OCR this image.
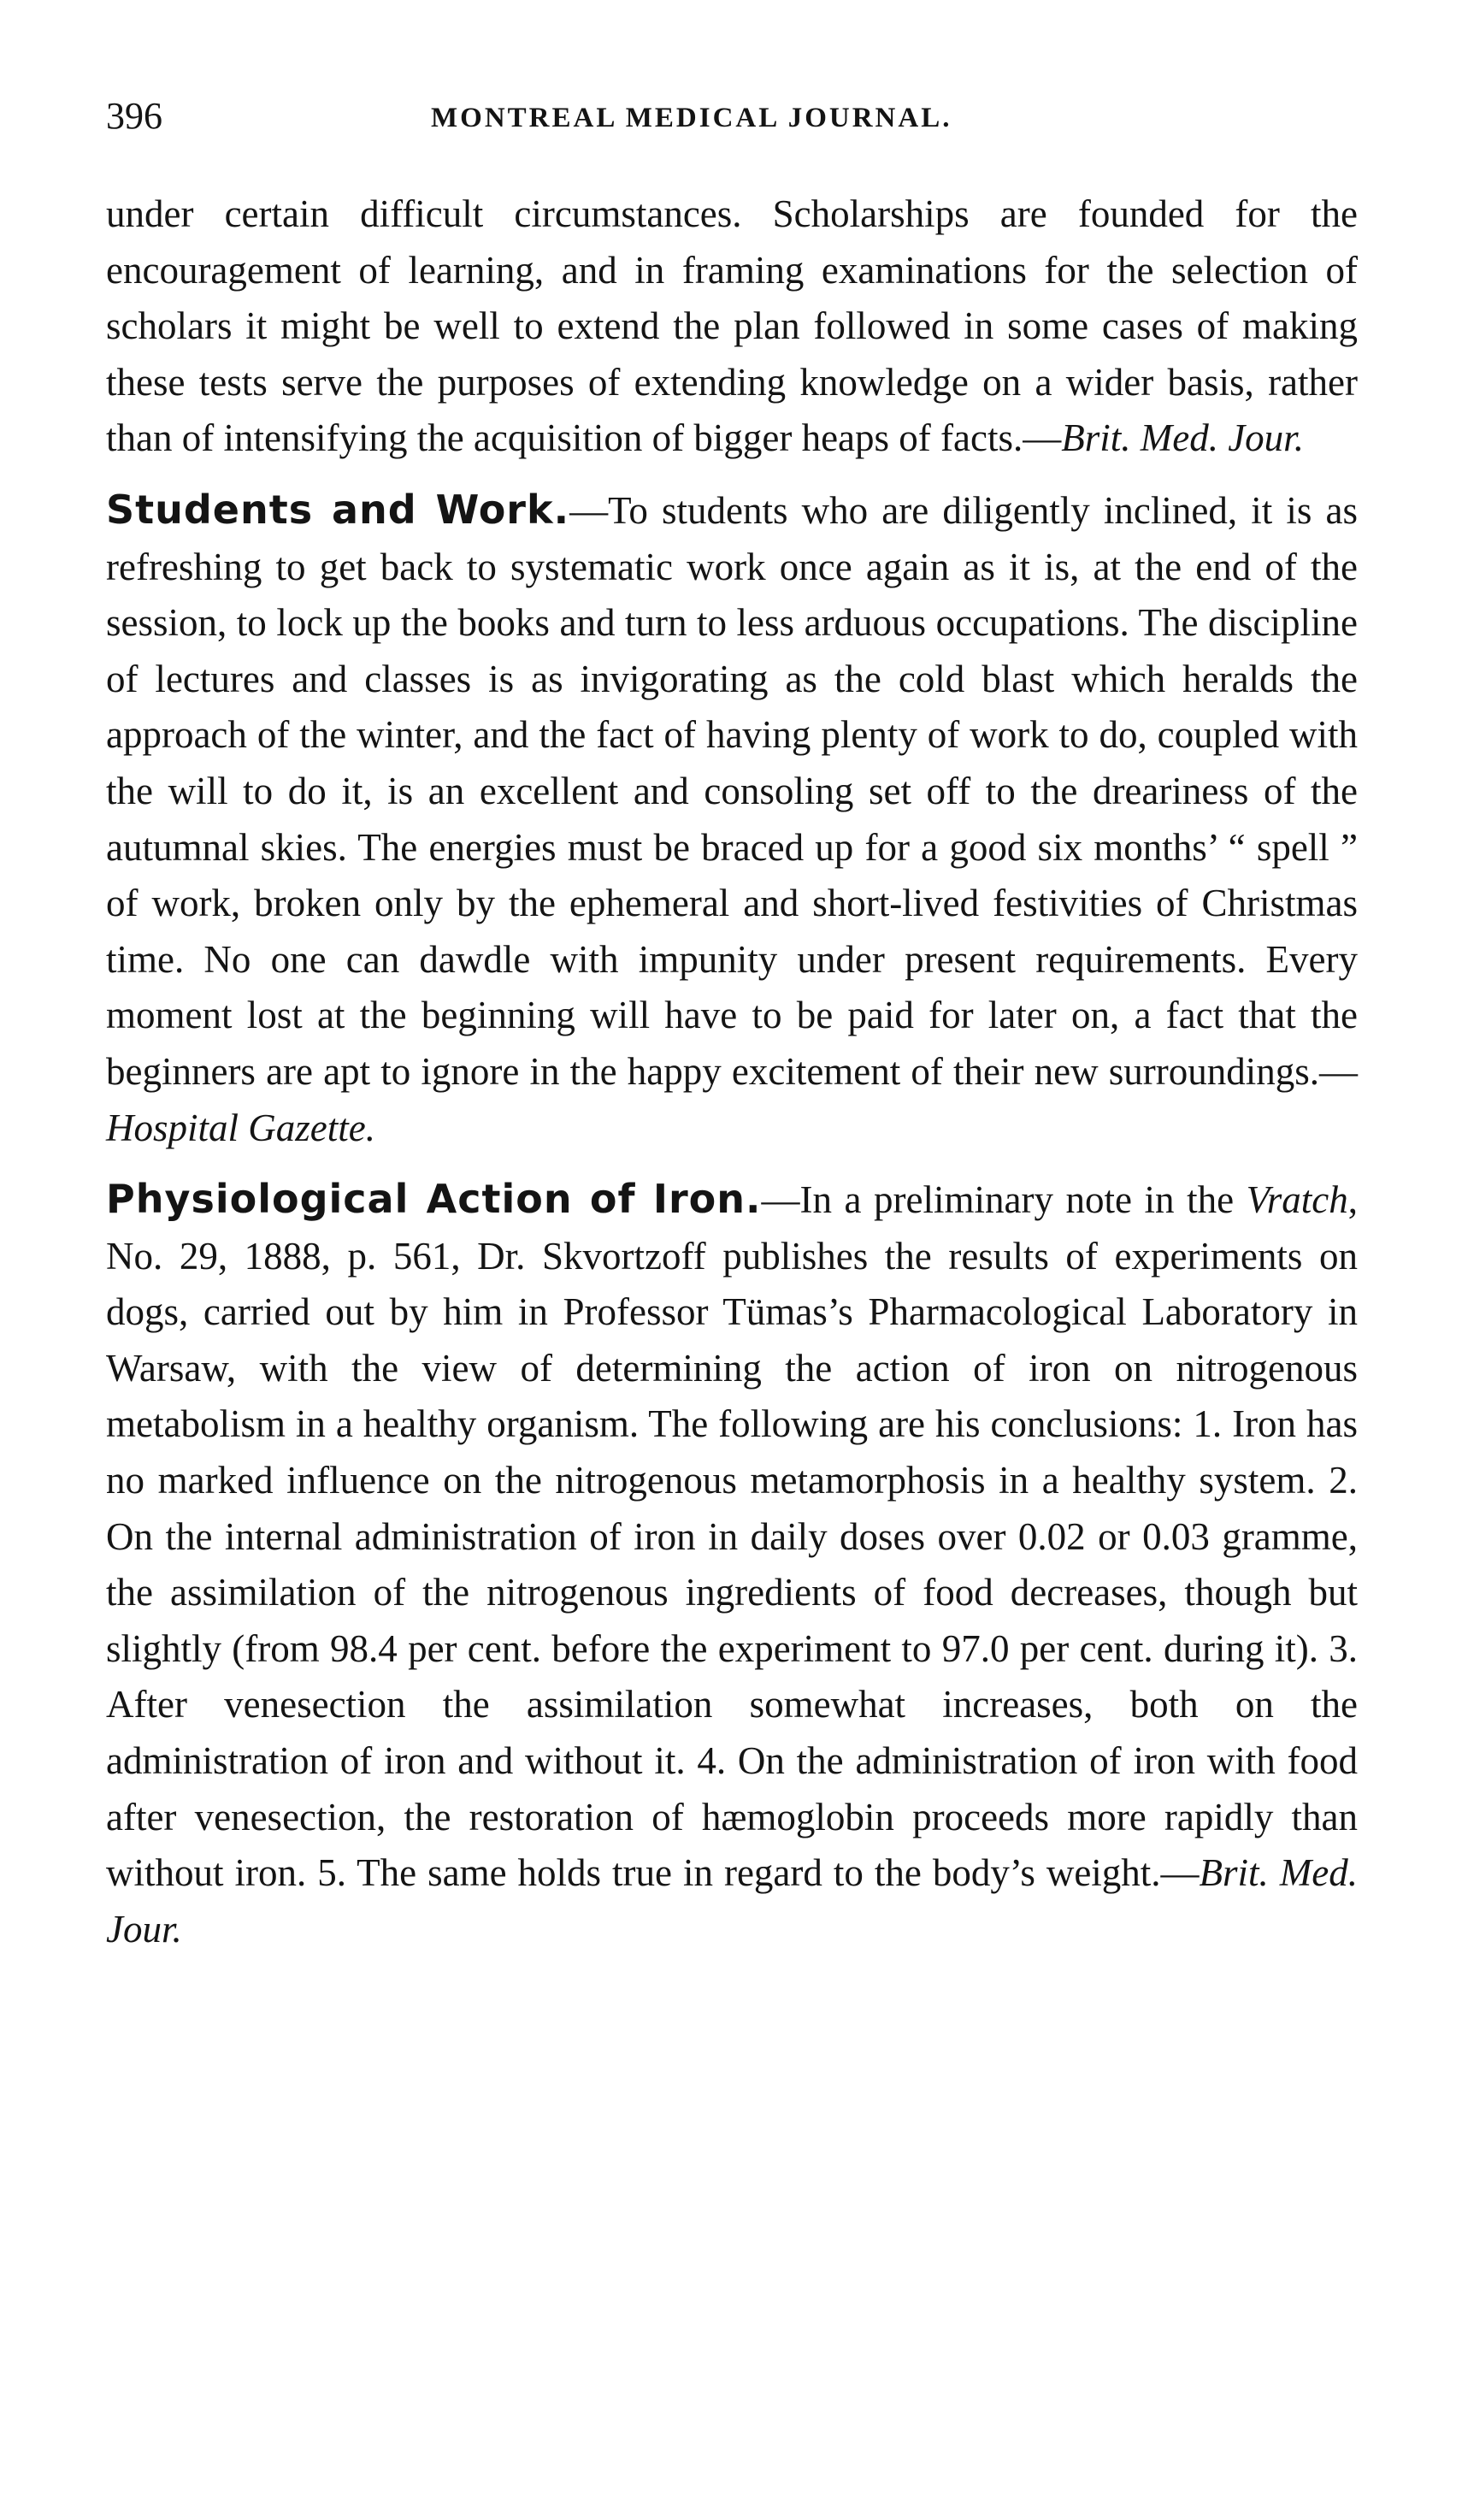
396	MONTREAL MEDICAL JOURNAL.

under certain difficult circumstances. Scholarships are founded for the encouragement of learning, and in framing examinations for the selection of scholars it might be well to extend the plan followed in some cases of making these tests serve the purposes of extending knowledge on a wider basis, rather than of intensifying the acquisition of bigger heaps of facts.—Brit. Med. Jour.

Students and Work.—To students who are diligently inclined, it is as refreshing to get back to systematic work once again as it is, at the end of the session, to lock up the books and turn to less arduous occupations. The discipline of lectures and classes is as invigorating as the cold blast which heralds the approach of the winter, and the fact of having plenty of work to do, coupled with the will to do it, is an excellent and consoling set off to the dreariness of the autumnal skies. The energies must be braced up for a good six months’ “ spell ” of work, broken only by the ephemeral and short-lived festivities of Christmas time. No one can dawdle with impunity under present requirements. Every moment lost at the beginning will have to be paid for later on, a fact that the beginners are apt to ignore in the happy excitement of their new surroundings.—Hospital Gazette.

Physiological Action of Iron.—In a preliminary note in the Vratch, No. 29, 1888, p. 561, Dr. Skvortzoff publishes the results of experiments on dogs, carried out by him in Professor Tümas’s Pharmacological Laboratory in Warsaw, with the view of determining the action of iron on nitrogenous metabolism in a healthy organism. The following are his conclusions: 1. Iron has no marked influence on the nitrogenous metamorphosis in a healthy system. 2. On the internal administration of iron in daily doses over 0.02 or 0.03 gramme, the assimilation of the nitrogenous ingredients of food decreases, though but slightly (from 98.4 per cent. before the experiment to 97.0 per cent. during it). 3. After venesection the assimilation somewhat increases, both on the administration of iron and without it. 4. On the administration of iron with food after venesection, the restoration of hæmoglobin proceeds more rapidly than without iron. 5. The same holds true in regard to the body’s weight.—Brit. Med. Jour.
